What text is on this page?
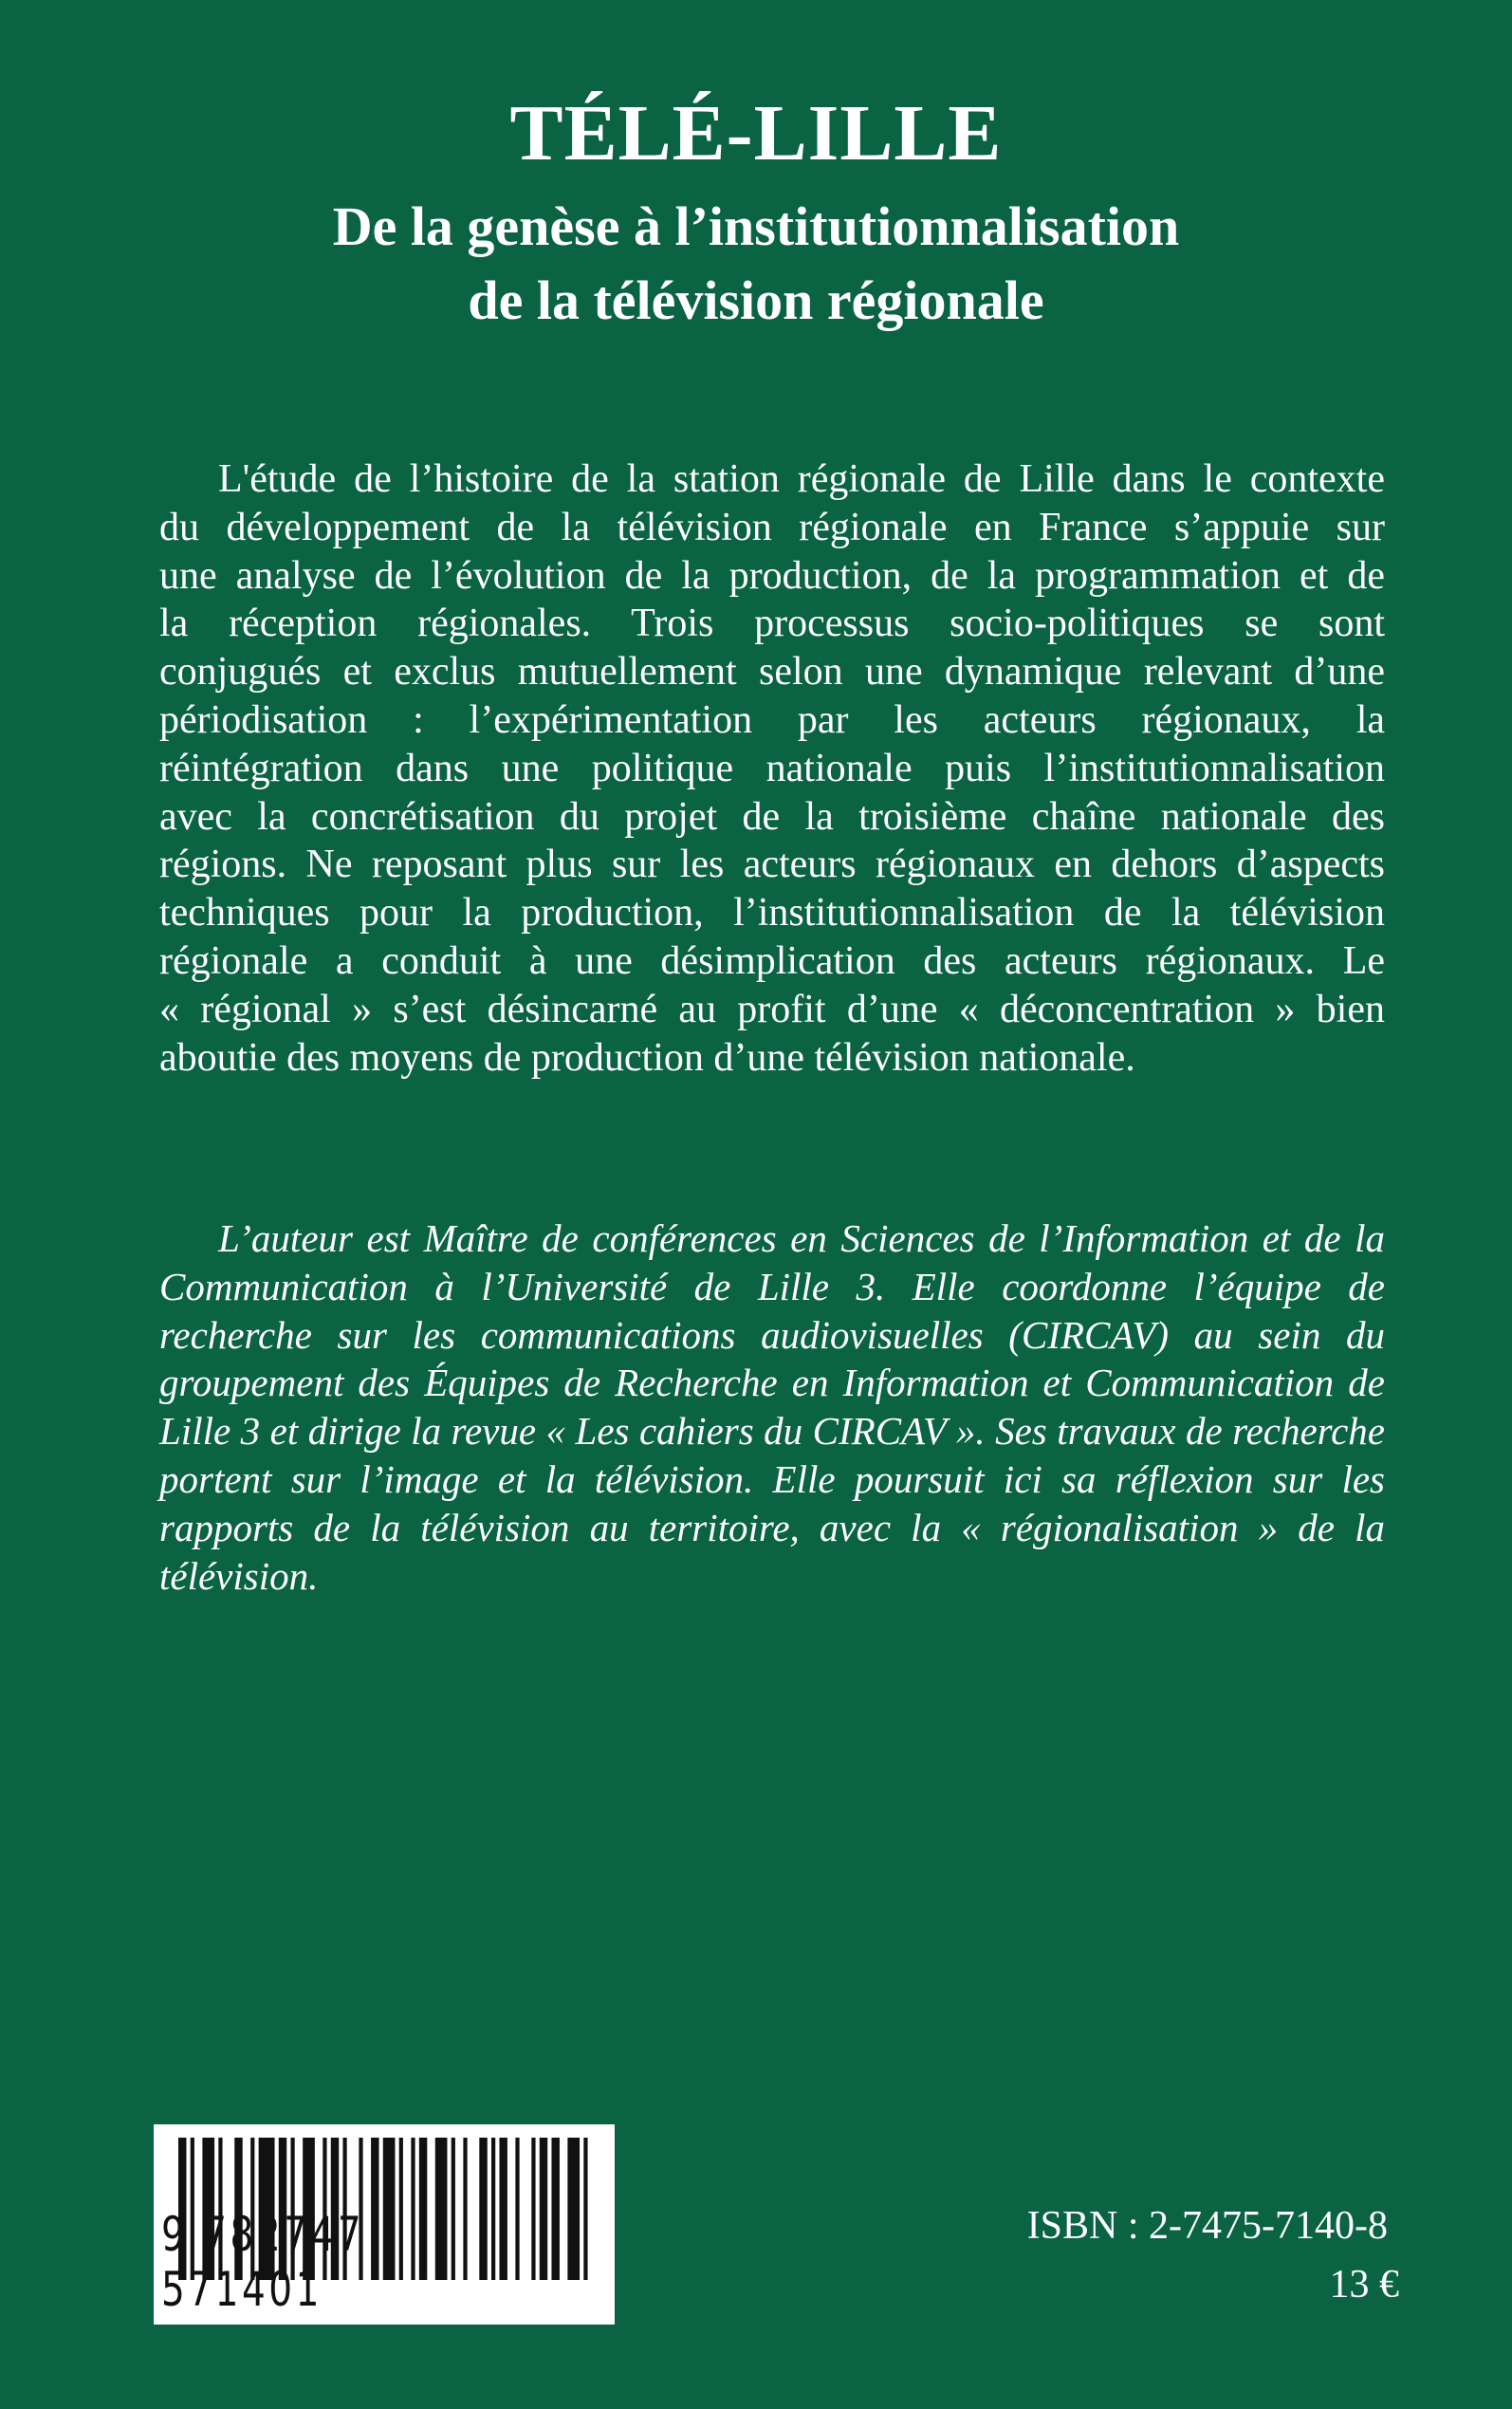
TÉLÉ-LILLE
De la genèse à l’institutionnalisation
de la télévision régionale
L'étude de l’histoire de la station régionale de Lille dans le contexte
du développement de la télévision régionale en France s’appuie sur
une analyse de l’évolution de la production, de la programmation et de
la réception régionales. Trois processus socio-politiques se sont
conjugués et exclus mutuellement selon une dynamique relevant d’une
périodisation : l’expérimentation par les acteurs régionaux, la
réintégration dans une politique nationale puis l’institutionnalisation
avec la concrétisation du projet de la troisième chaîne nationale des
régions. Ne reposant plus sur les acteurs régionaux en dehors d’aspects
techniques pour la production, l’institutionnalisation de la télévision
régionale a conduit à une désimplication des acteurs régionaux. Le
« régional » s’est désincarné au profit d’une « déconcentration » bien
aboutie des moyens de production d’une télévision nationale.
L’auteur est Maître de conférences en Sciences de l’Information et de la
Communication à l’Université de Lille 3. Elle coordonne l’équipe de
recherche sur les communications audiovisuelles (CIRCAV) au sein du
groupement des Équipes de Recherche en Information et Communication de
Lille 3 et dirige la revue « Les cahiers du CIRCAV ». Ses travaux de recherche
portent sur l’image et la télévision. Elle poursuit ici sa réflexion sur les
rapports de la télévision au territoire, avec la « régionalisation » de la
télévision.
9 782747 571401
ISBN : 2-7475-7140-8
13 €
